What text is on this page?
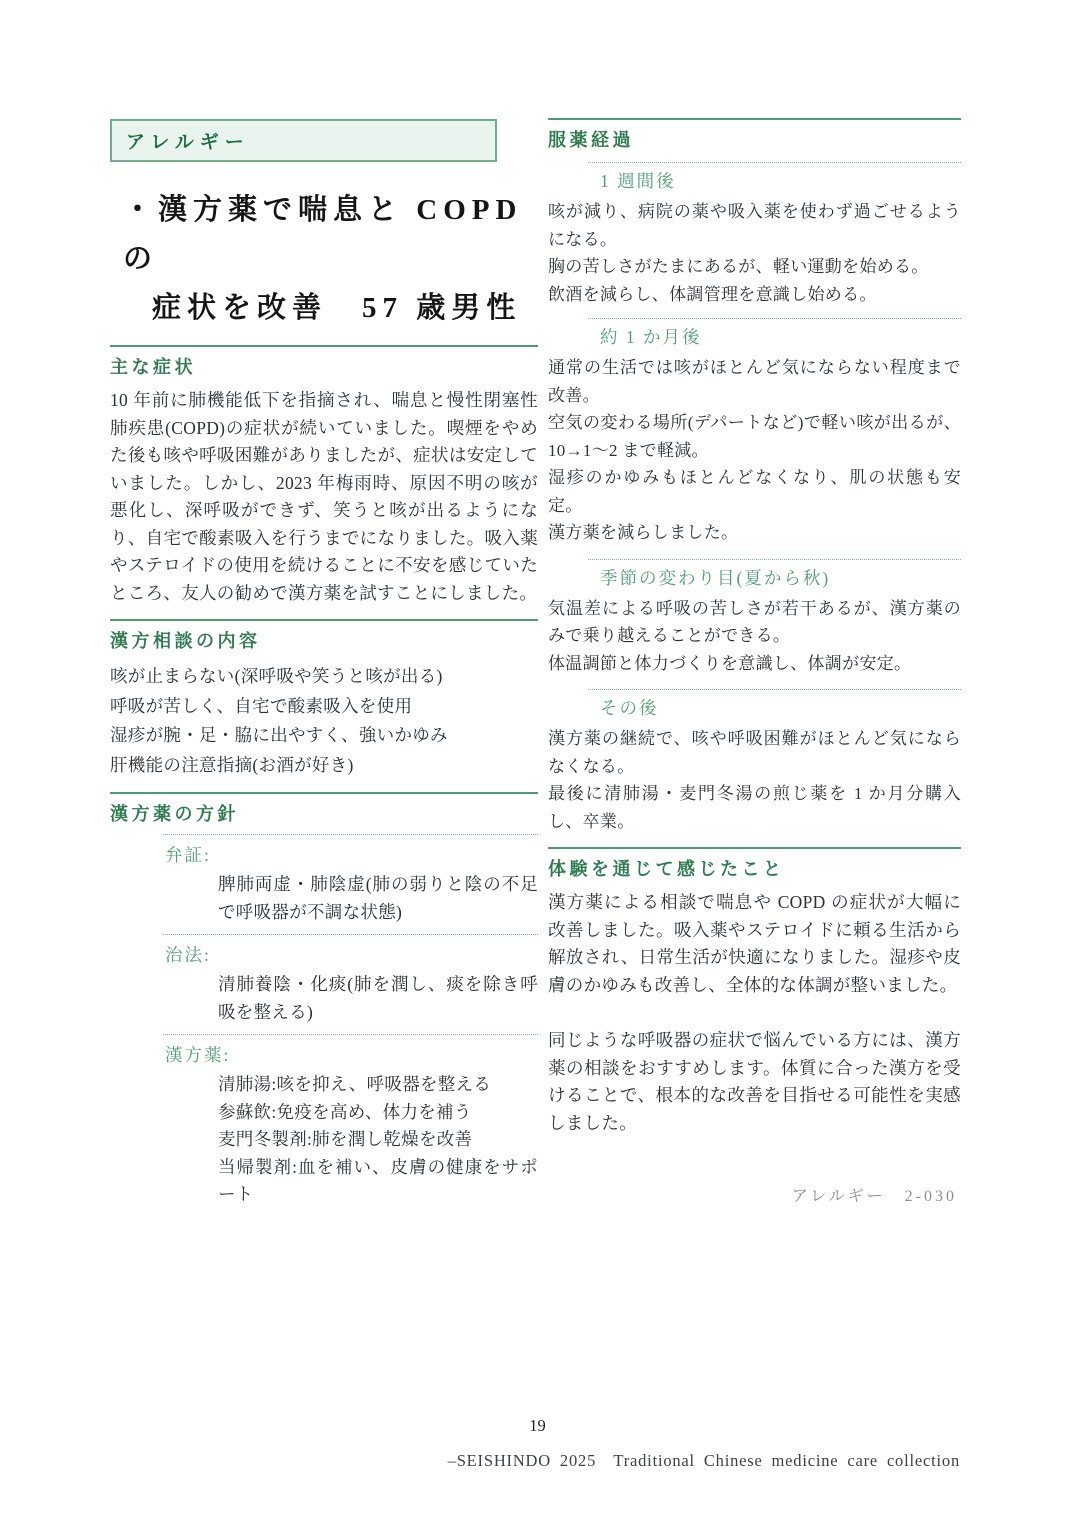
アレルギー
・漢方薬で喘息と COPD の
症状を改善　57 歳男性
主な症状

10 年前に肺機能低下を指摘され、喘息と慢性閉塞性肺疾患(COPD)の症状が続いていました。喫煙をやめた後も咳や呼吸困難がありましたが、症状は安定していました。しかし、2023 年梅雨時、原因不明の咳が悪化し、深呼吸ができず、笑うと咳が出るようになり、自宅で酸素吸入を行うまでになりました。吸入薬やステロイドの使用を続けることに不安を感じていたところ、友人の勧めで漢方薬を試すことにしました。

漢方相談の内容

咳が止まらない(深呼吸や笑うと咳が出る)

呼吸が苦しく、自宅で酸素吸入を使用

湿疹が腕・足・脇に出やすく、強いかゆみ

肝機能の注意指摘(お酒が好き)

漢方薬の方針
弁証:
脾肺両虚・肺陰虚(肺の弱りと陰の不足で呼吸器が不調な状態)
治法:
清肺養陰・化痰(肺を潤し、痰を除き呼吸を整える)
漢方薬:
清肺湯:咳を抑え、呼吸器を整える
参蘇飲:免疫を高め、体力を補う
麦門冬製剤:肺を潤し乾燥を改善
当帰製剤:血を補い、皮膚の健康をサポート
服薬経過
1 週間後

咳が減り、病院の薬や吸入薬を使わず過ごせるようになる。

胸の苦しさがたまにあるが、軽い運動を始める。

飲酒を減らし、体調管理を意識し始める。

約 1 か月後

通常の生活では咳がほとんど気にならない程度まで改善。

空気の変わる場所(デパートなど)で軽い咳が出るが、10→1〜2 まで軽減。

湿疹のかゆみもほとんどなくなり、肌の状態も安定。

漢方薬を減らしました。

季節の変わり目(夏から秋)

気温差による呼吸の苦しさが若干あるが、漢方薬のみで乗り越えることができる。

体温調節と体力づくりを意識し、体調が安定。

その後

漢方薬の継続で、咳や呼吸困難がほとんど気にならなくなる。

最後に清肺湯・麦門冬湯の煎じ薬を 1 か月分購入し、卒業。

体験を通じて感じたこと

漢方薬による相談で喘息や COPD の症状が大幅に改善しました。吸入薬やステロイドに頼る生活から解放され、日常生活が快適になりました。湿疹や皮膚のかゆみも改善し、全体的な体調が整いました。

同じような呼吸器の症状で悩んでいる方には、漢方薬の相談をおすすめします。体質に合った漢方を受けることで、根本的な改善を目指せる可能性を実感しました。

アレルギー　2-030
19
–SEISHINDO 2025　Traditional Chinese medicine care collection
